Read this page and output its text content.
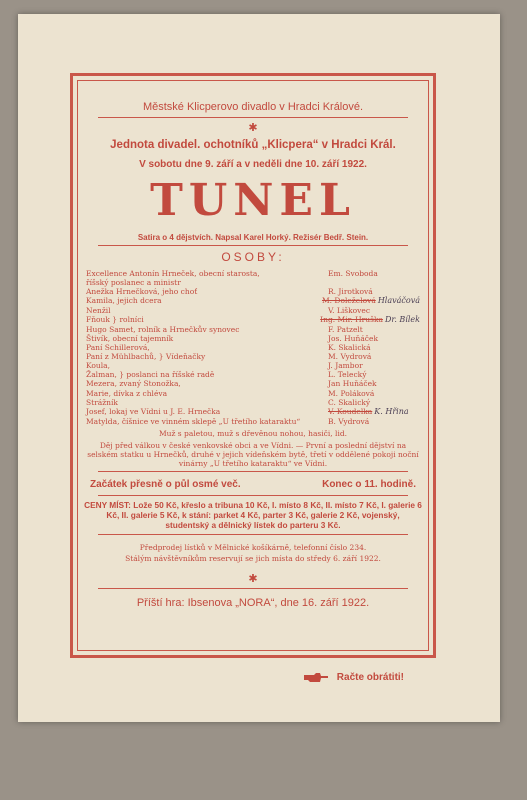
Městské Klicperovo divadlo v Hradci Králové.
✱
Jednota divadel. ochotníků „Klicpera“ v Hradci Král.
V sobotu dne 9. září a v neděli dne 10. září 1922.
TUNEL
Satira o 4 dějstvích. Napsal Karel Horký. Režisér Bedř. Stein.
OSOBY:
Excellence Antonín Hrneček, obecní starosta,	Em. Svoboda
říšský poslanec a ministr
Anežka Hrnečková, jeho choť	R. Jirotková
Kamila, jejich dcera	M. Doleželová Hlaváčová
Nenžil	V. Liškovec
Fňouk } rolníci	Ing. Mir. Hruška Dr. Bílek
Hugo Samet, rolník a Hrnečkův synovec	F. Patzelt
Štivík, obecní tajemník	Jos. Huňáček
Paní Schillerová,	K. Skalická
Paní z Mühlbachů, } Vídeňačky	M. Vydrová
Koula,	J. Jambor
Žalman, } poslanci na říšské radě	L. Telecký
Mezera, zvaný Stonožka,	Jan Huňáček
Marie, dívka z chléva	M. Poláková
Strážník	C. Skalický
Josef, lokaj ve Vídni u J. E. Hrnečka	V. Koudelka K. Hřina
Matylda, číšnice ve vinném sklepě „U třetího kataraktu“	B. Vydrová
Muž s paletou, muž s dřevěnou nohou, hasiči, lid.
Děj před válkou v české venkovské obci a ve Vídni. — První a poslední dějství na selském statku u Hrnečků, druhé v jejich vídeňském bytě, třetí v oddělené pokoji noční vinárny „U třetího kataraktu“ ve Vídni.
Začátek přesně o půl osmé več.	Konec o 11. hodině.
CENY MÍST: Lože 50 Kč, křeslo a tribuna 10 Kč, I. místo 8 Kč, II. místo 7 Kč, I. galerie 6 Kč, II. galerie 5 Kč, k stání: parket 4 Kč, parter 3 Kč, galerie 2 Kč, vojenský, studentský a dělnický lístek do parteru 3 Kč.
Předprodej lístků v Mělnické košíkárně, telefonní číslo 234.
Stálým návštěvníkům reservují se jich místa do středy 6. září 1922.
✱
Příští hra: Ibsenova „NORA“, dne 16. září 1922.
Račte obrátiti!
